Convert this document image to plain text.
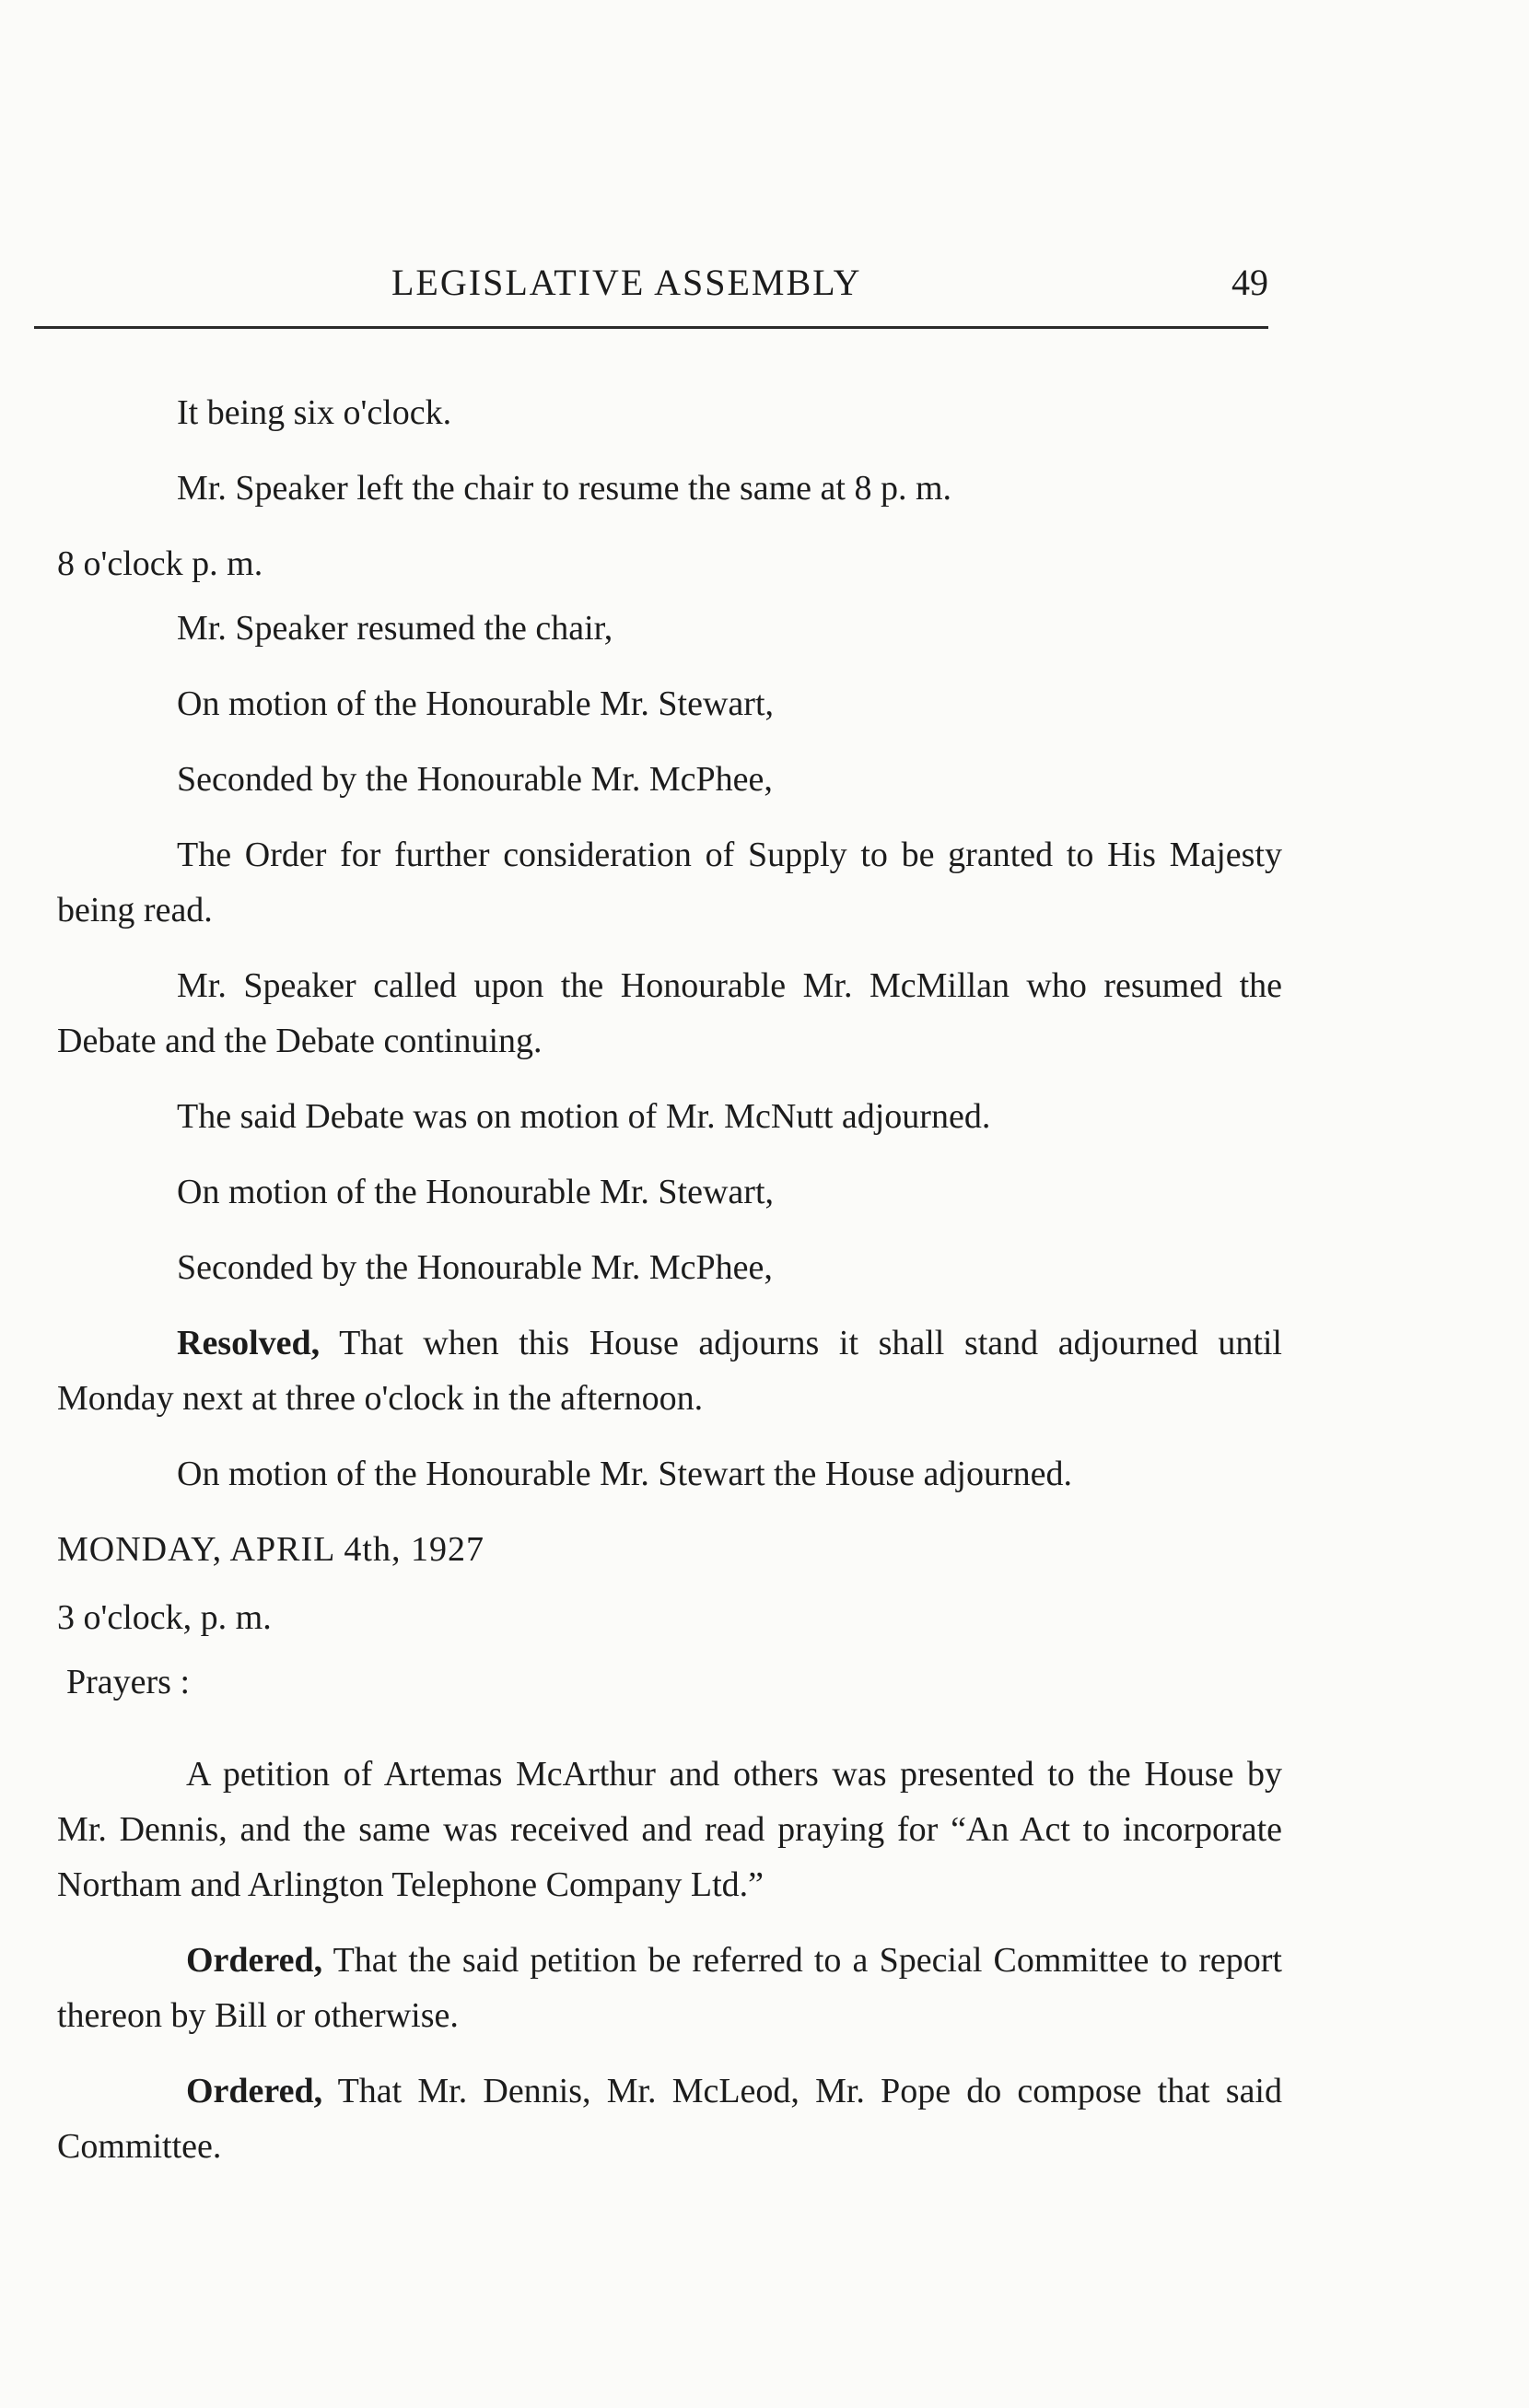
LEGISLATIVE ASSEMBLY	49

It being six o'clock.

Mr. Speaker left the chair to resume the same at 8 p. m.

8 o'clock p. m.

Mr. Speaker resumed the chair,

On motion of the Honourable Mr. Stewart,

Seconded by the Honourable Mr. McPhee,

The Order for further consideration of Supply to be granted to His Majesty being read.

Mr. Speaker called upon the Honourable Mr. McMillan who resumed the Debate and the Debate continuing.

The said Debate was on motion of Mr. McNutt adjourned.

On motion of the Honourable Mr. Stewart,

Seconded by the Honourable Mr. McPhee,

Resolved, That when this House adjourns it shall stand adjourned until Monday next at three o'clock in the afternoon.

On motion of the Honourable Mr. Stewart the House adjourned.

MONDAY, APRIL 4th, 1927

3 o'clock, p. m.

Prayers :

A petition of Artemas McArthur and others was presented to the House by Mr. Dennis, and the same was received and read praying for “An Act to incorporate Northam and Arlington Telephone Company Ltd.”

Ordered, That the said petition be referred to a Special Committee to report thereon by Bill or otherwise.

Ordered, That Mr. Dennis, Mr. McLeod, Mr. Pope do compose that said Committee.
